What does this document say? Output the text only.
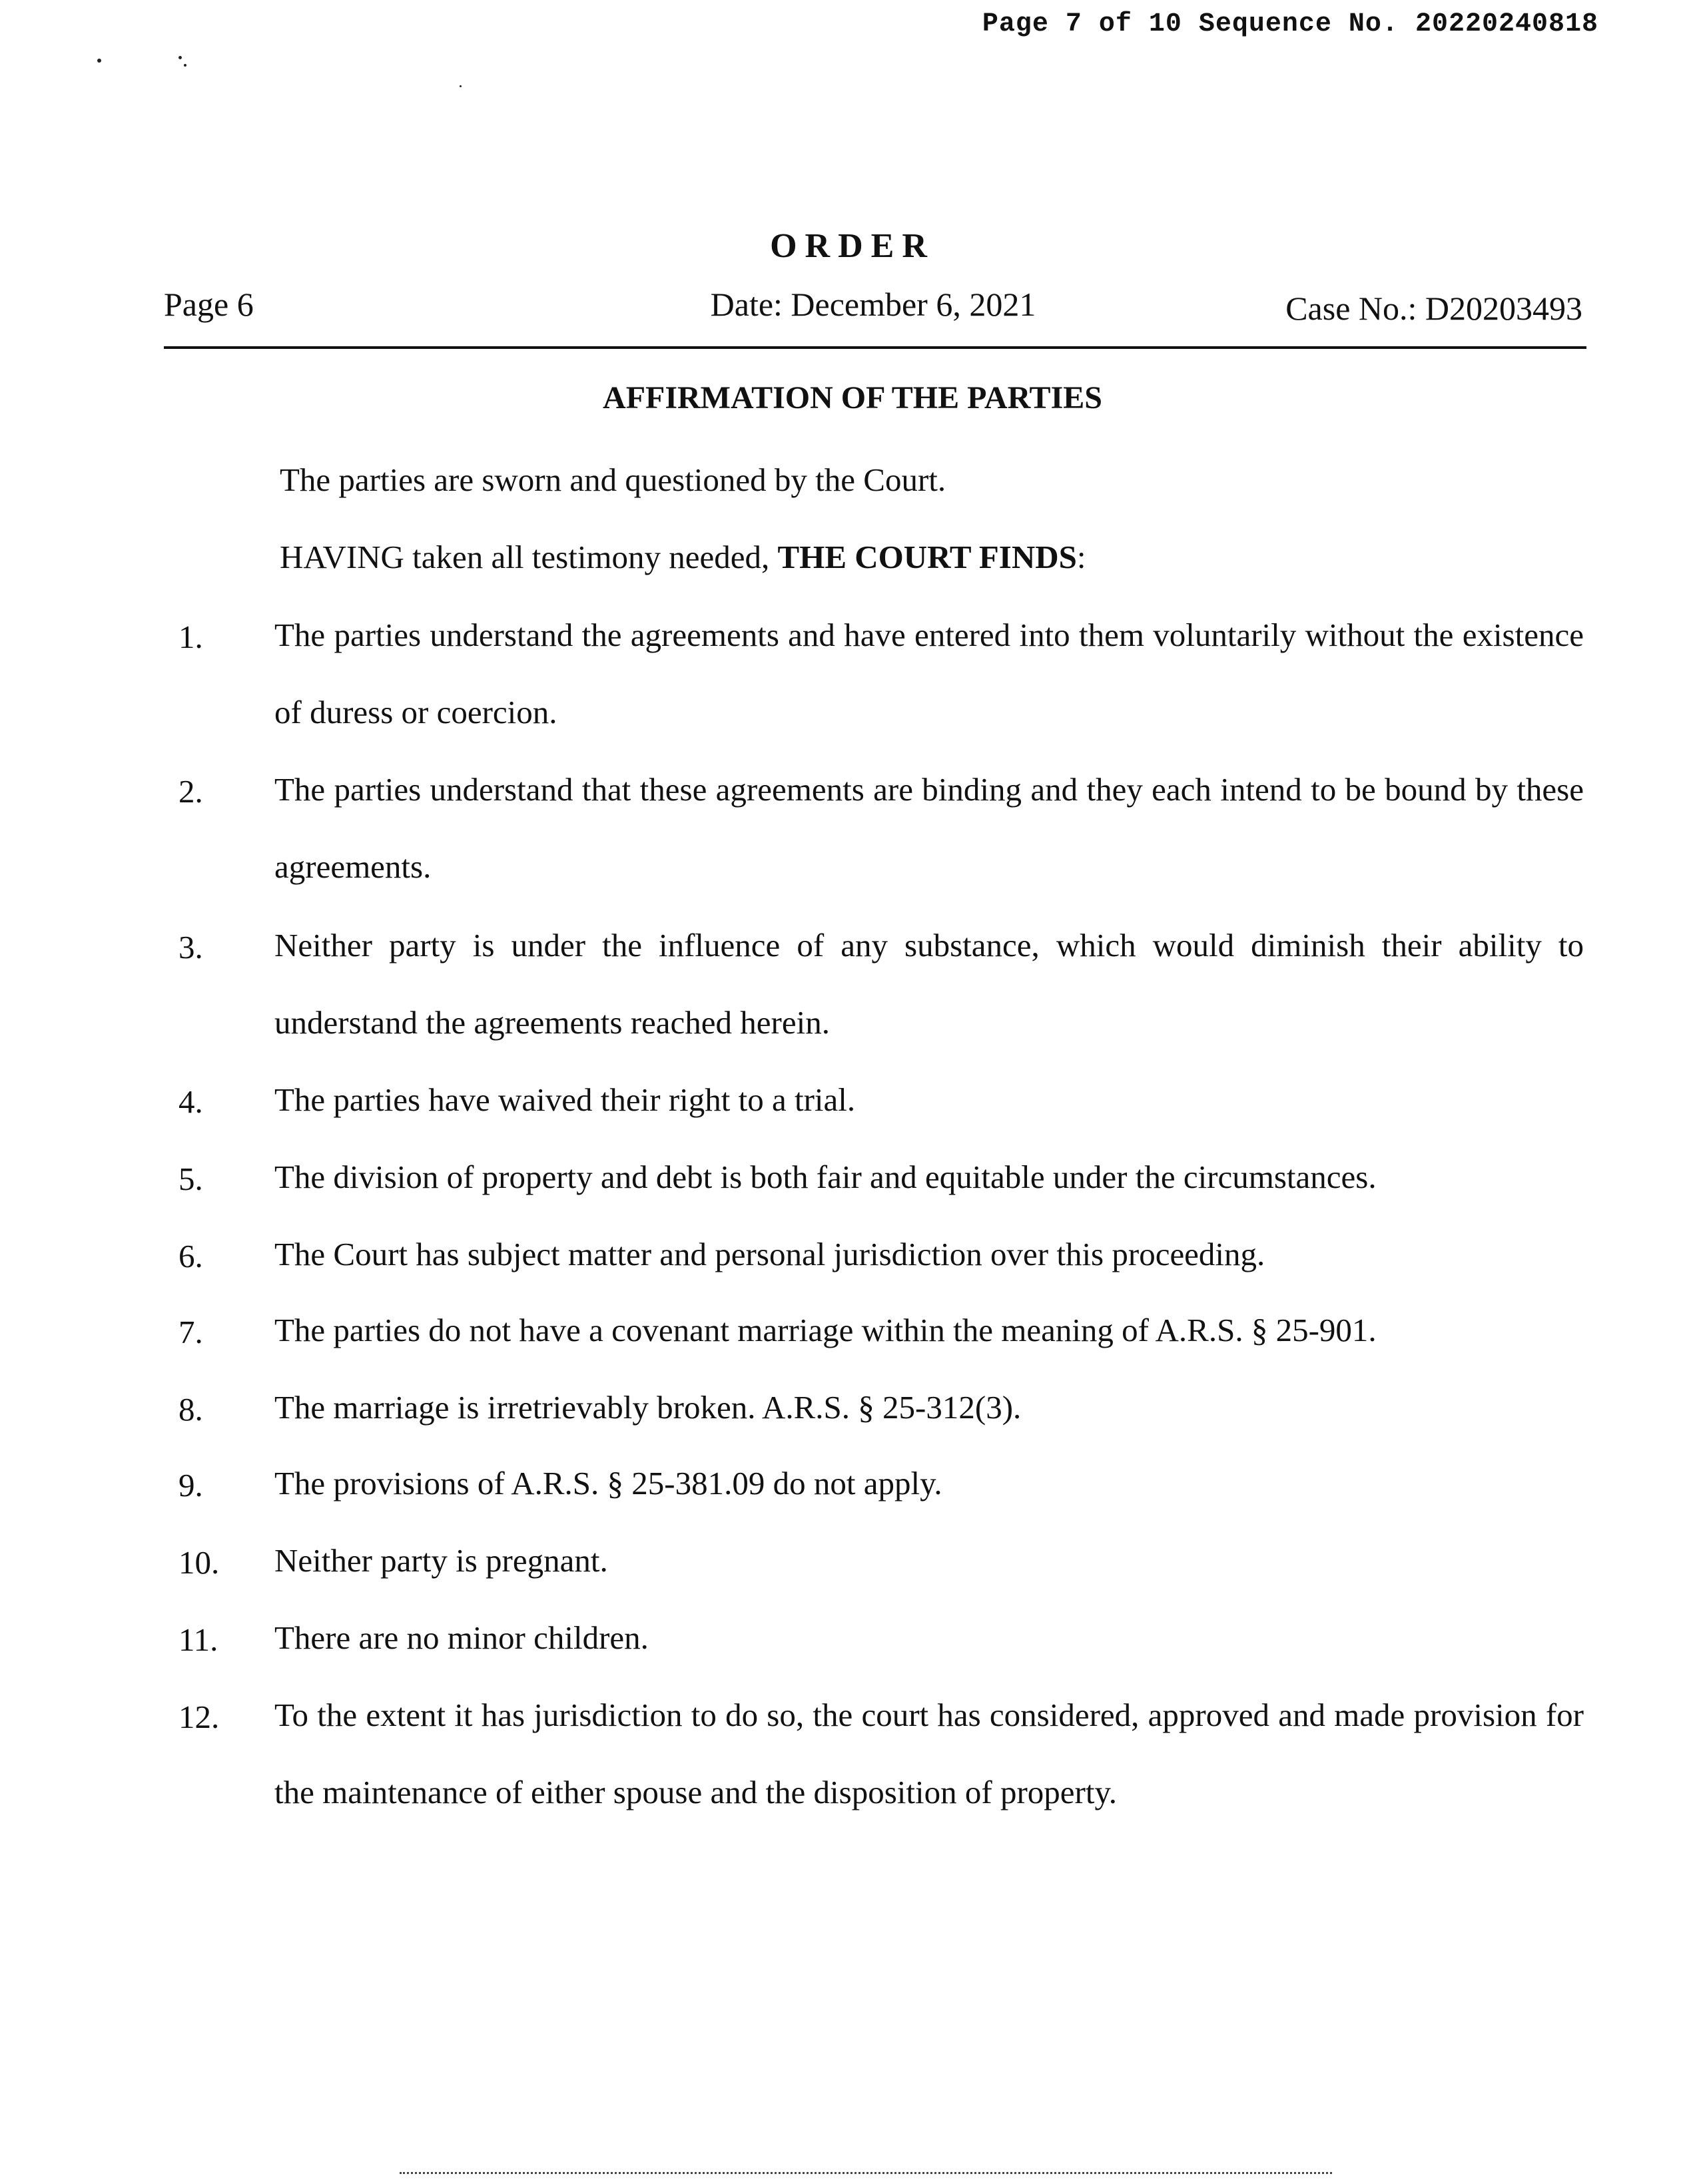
Page 7 of 10 Sequence No. 20220240818
ORDER
Page 6	Date: December 6, 2021	Case No.: D20203493
AFFIRMATION OF THE PARTIES
The parties are sworn and questioned by the Court.
HAVING taken all testimony needed, THE COURT FINDS:
1. The parties understand the agreements and have entered into them voluntarily without the existence of duress or coercion.
2. The parties understand that these agreements are binding and they each intend to be bound by these agreements.
3. Neither party is under the influence of any substance, which would diminish their ability to understand the agreements reached herein.
4. The parties have waived their right to a trial.
5. The division of property and debt is both fair and equitable under the circumstances.
6. The Court has subject matter and personal jurisdiction over this proceeding.
7. The parties do not have a covenant marriage within the meaning of A.R.S. § 25-901.
8. The marriage is irretrievably broken. A.R.S. § 25-312(3).
9. The provisions of A.R.S. § 25-381.09 do not apply.
10. Neither party is pregnant.
11. There are no minor children.
12. To the extent it has jurisdiction to do so, the court has considered, approved and made provision for the maintenance of either spouse and the disposition of property.
